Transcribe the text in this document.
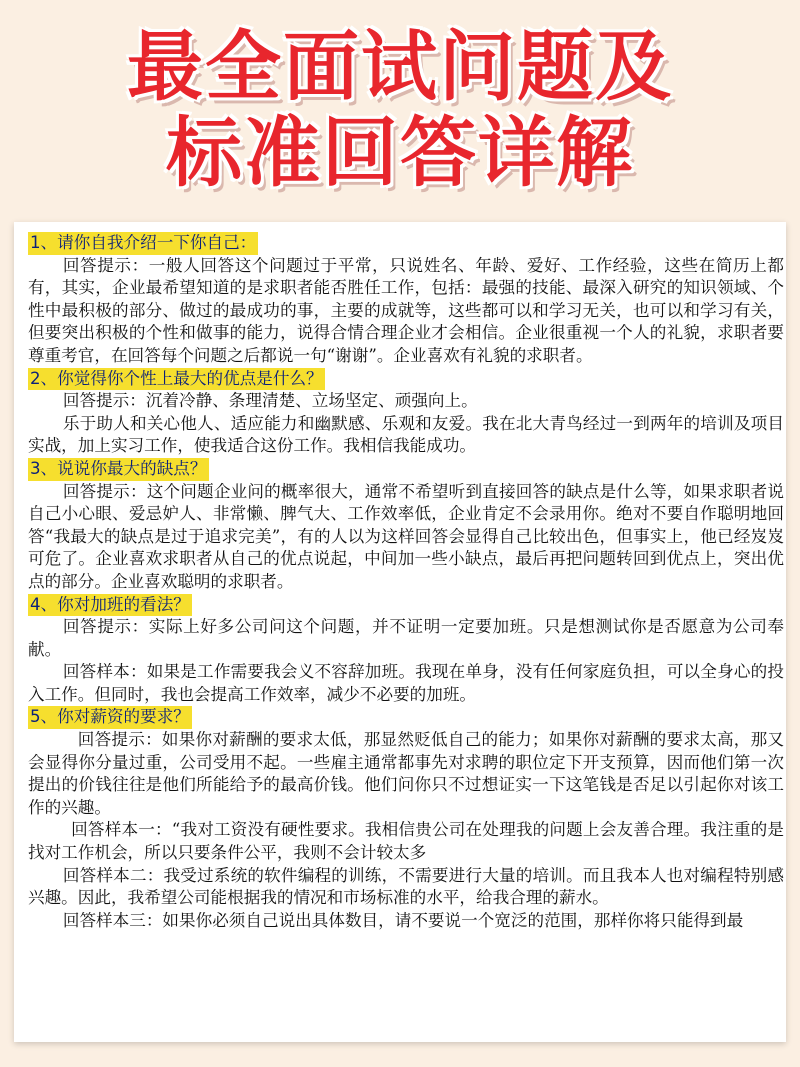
最全面试问题及
标准回答详解
1、请你自我介绍一下你自己：

回答提示：一般人回答这个问题过于平常，只说姓名、年龄、爱好、工作经验，这些在简历上都有，其实，企业最希望知道的是求职者能否胜任工作，包括：最强的技能、最深入研究的知识领域、个性中最积极的部分、做过的最成功的事，主要的成就等，这些都可以和学习无关，也可以和学习有关，但要突出积极的个性和做事的能力，说得合情合理企业才会相信。企业很重视一个人的礼貌，求职者要尊重考官，在回答每个问题之后都说一句“谢谢”。企业喜欢有礼貌的求职者。

2、你觉得你个性上最大的优点是什么？

回答提示：沉着冷静、条理清楚、立场坚定、顽强向上。

乐于助人和关心他人、适应能力和幽默感、乐观和友爱。我在北大青鸟经过一到两年的培训及项目实战，加上实习工作，使我适合这份工作。我相信我能成功。

3、说说你最大的缺点？

回答提示：这个问题企业问的概率很大，通常不希望听到直接回答的缺点是什么等，如果求职者说自己小心眼、爱忌妒人、非常懒、脾气大、工作效率低，企业肯定不会录用你。绝对不要自作聪明地回答“我最大的缺点是过于追求完美”，有的人以为这样回答会显得自己比较出色，但事实上，他已经岌岌可危了。企业喜欢求职者从自己的优点说起，中间加一些小缺点，最后再把问题转回到优点上，突出优点的部分。企业喜欢聪明的求职者。

4、你对加班的看法？

回答提示：实际上好多公司问这个问题，并不证明一定要加班。只是想测试你是否愿意为公司奉献。

回答样本：如果是工作需要我会义不容辞加班。我现在单身，没有任何家庭负担，可以全身心的投入工作。但同时，我也会提高工作效率，减少不必要的加班。

5、你对薪资的要求？

回答提示：如果你对薪酬的要求太低，那显然贬低自己的能力；如果你对薪酬的要求太高，那又会显得你分量过重，公司受用不起。一些雇主通常都事先对求聘的职位定下开支预算，因而他们第一次提出的价钱往往是他们所能给予的最高价钱。他们问你只不过想证实一下这笔钱是否足以引起你对该工作的兴趣。

回答样本一：“我对工资没有硬性要求。我相信贵公司在处理我的问题上会友善合理。我注重的是找对工作机会，所以只要条件公平，我则不会计较太多

回答样本二：我受过系统的软件编程的训练，不需要进行大量的培训。而且我本人也对编程特别感兴趣。因此，我希望公司能根据我的情况和市场标准的水平，给我合理的薪水。

回答样本三：如果你必须自己说出具体数目，请不要说一个宽泛的范围，那样你将只能得到最
